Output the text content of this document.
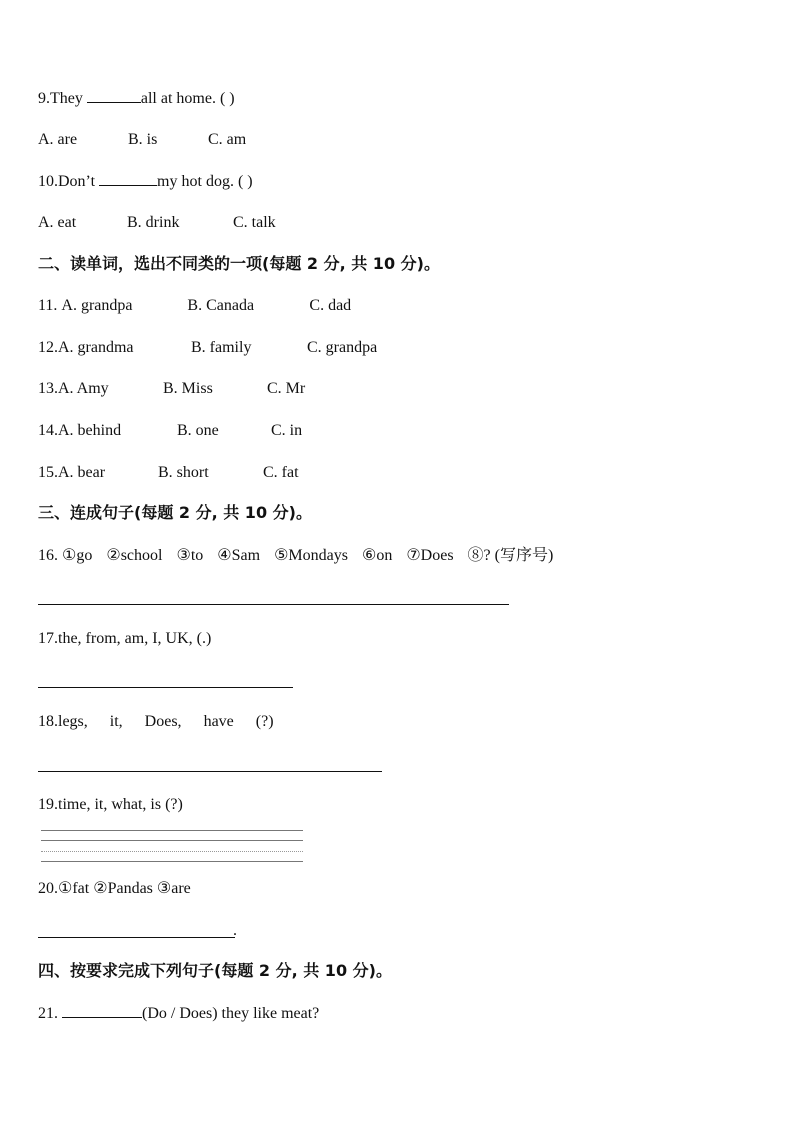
9.They	all at home. ( )
A. are	B. is	C. am
10.Don’t	my hot dog. ( )
A. eat	B. drink	C. talk
二、读单词，选出不同类的一项(每题 2 分, 共 10 分)。
11. A. grandpa	B. Canada	C. dad
12.A. grandma	B. family	C. grandpa
13.A. Amy	B. Miss	C. Mr
14.A. behind	B. one	C. in
15.A. bear	B. short	C. fat
三、连成句子(每题 2 分, 共 10 分)。
16. ①go ②school ③to ④Sam ⑤Mondays ⑥on ⑦Does ⑧? (写序号)
17.the, from, am, I, UK, (.)
18.legs, it, Does, have (?)
19.time, it, what, is (?)
20.①fat ②Pandas ③are
.
四、按要求完成下列句子(每题 2 分, 共 10 分)。
21.	(Do / Does) they like meat?
